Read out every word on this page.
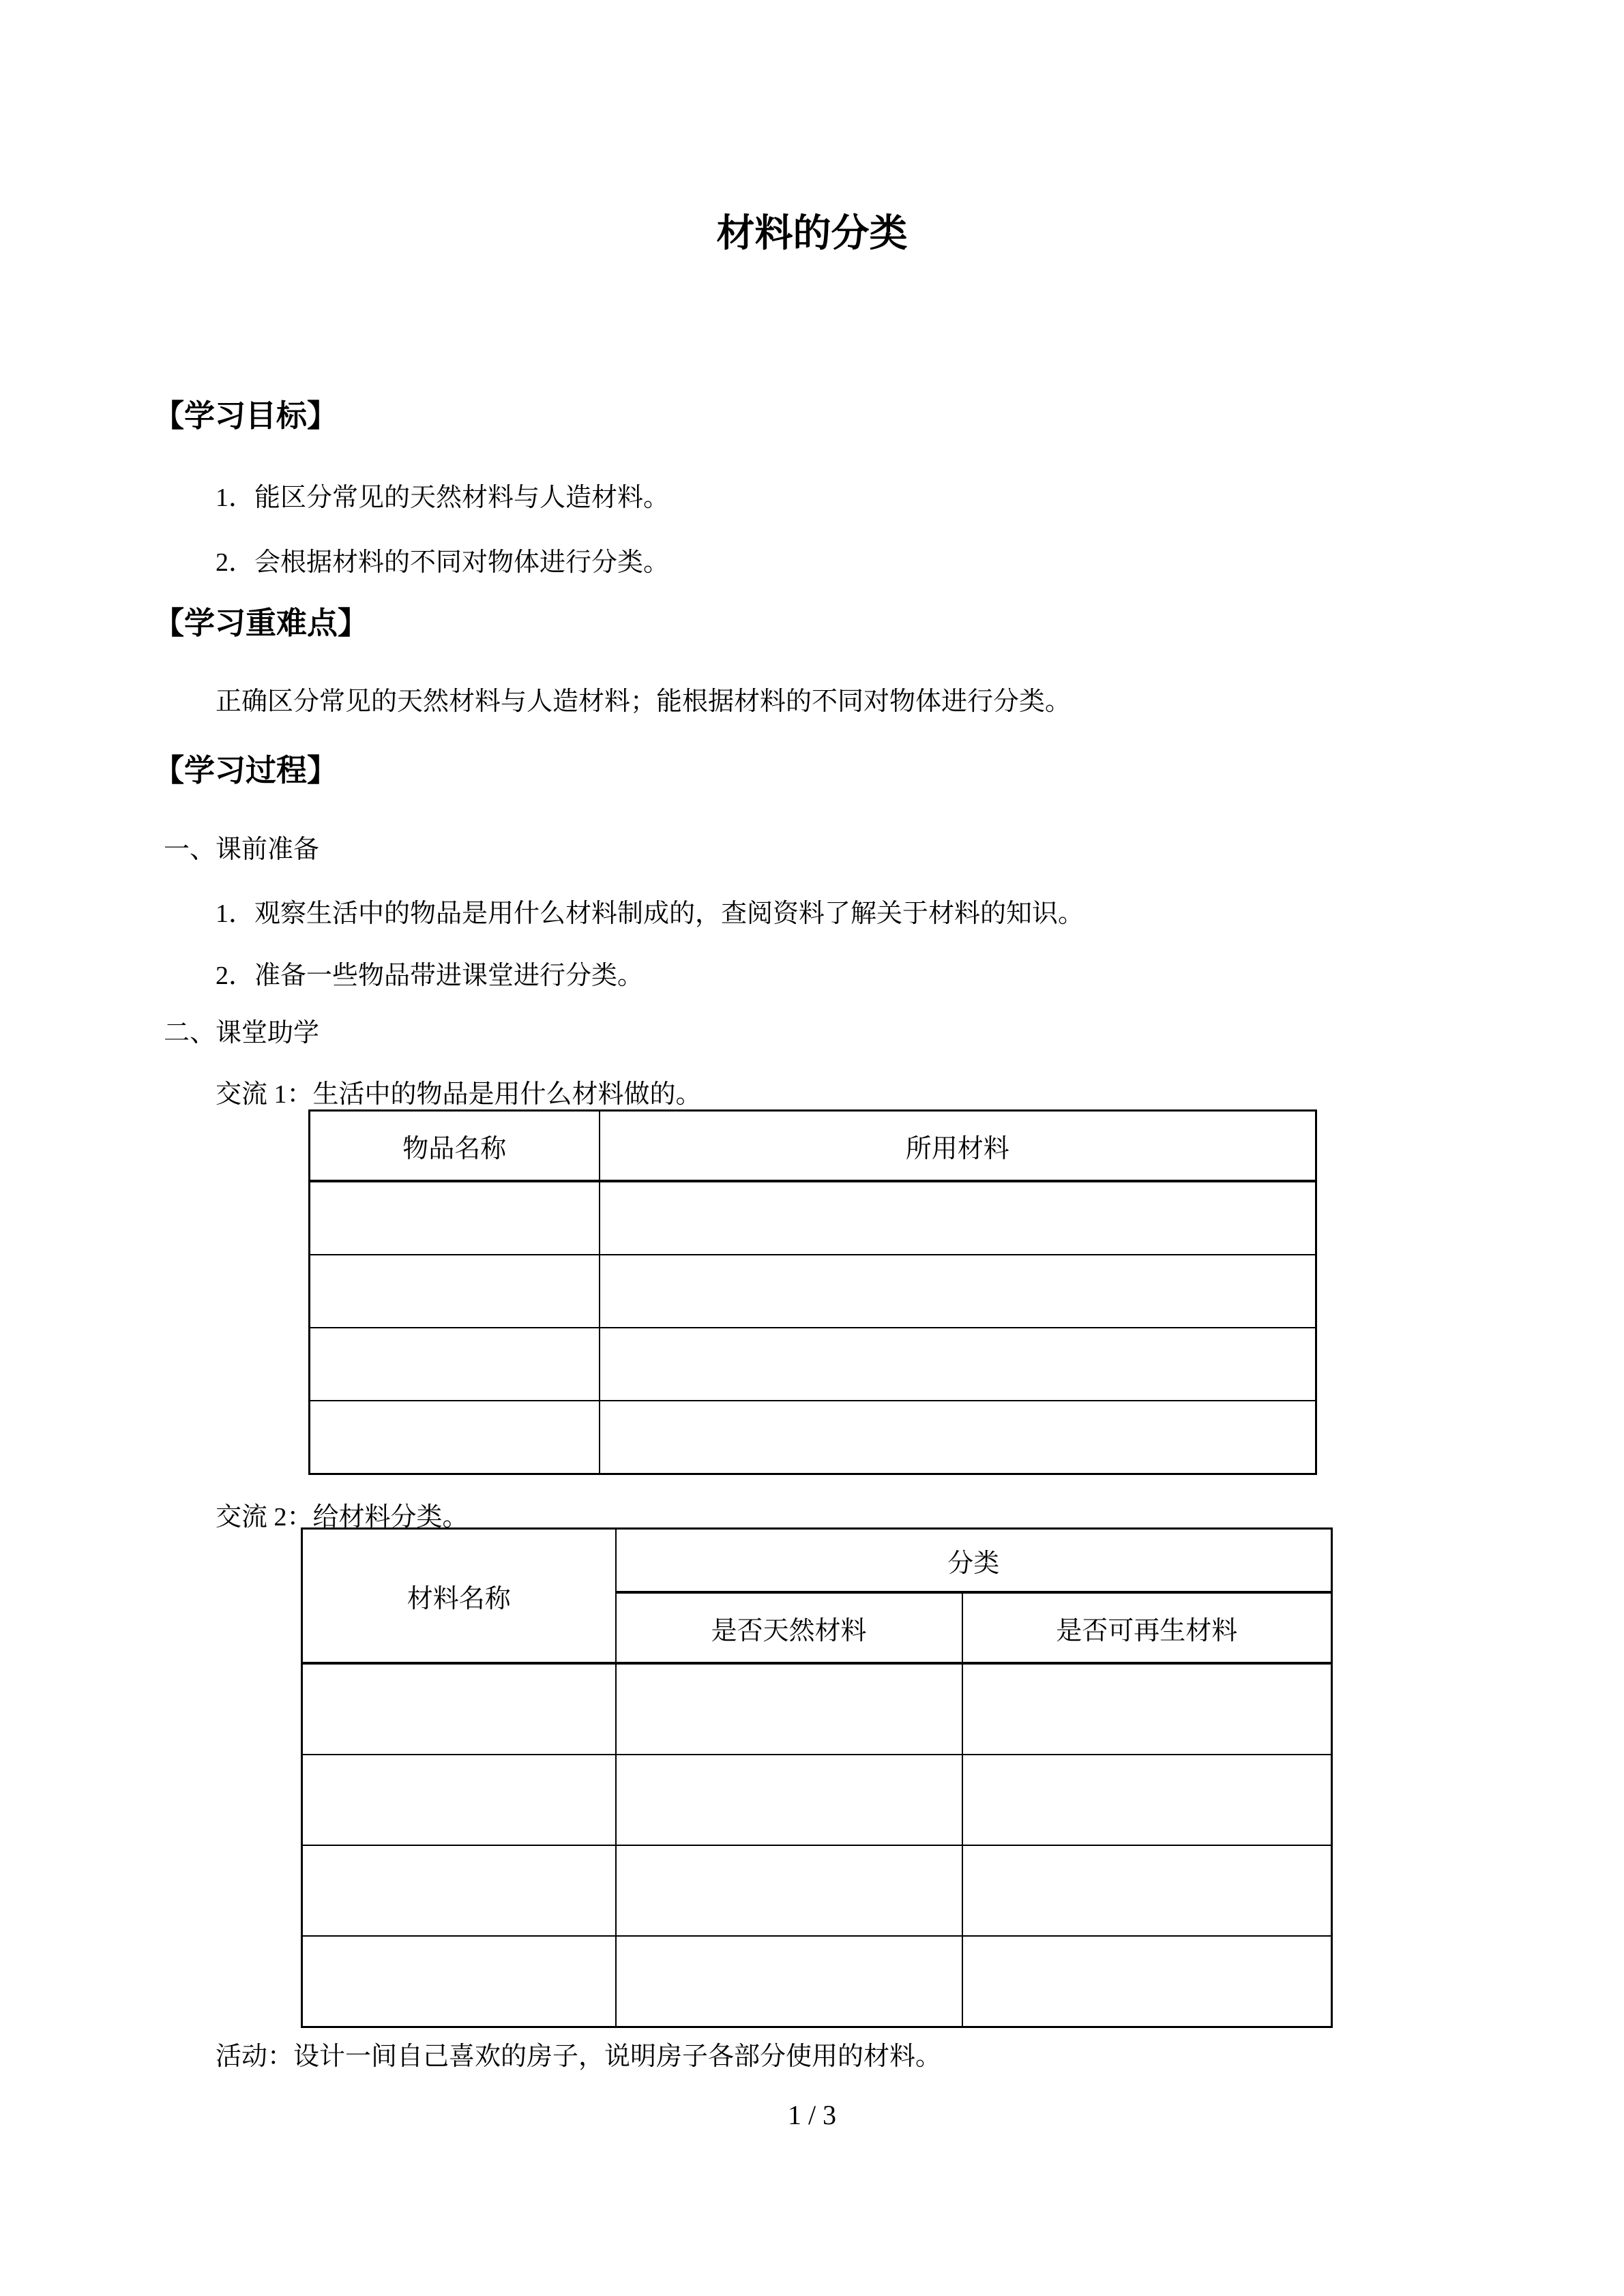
材料的分类
【学习目标】
1．能区分常见的天然材料与人造材料。
2．会根据材料的不同对物体进行分类。
【学习重难点】
正确区分常见的天然材料与人造材料；能根据材料的不同对物体进行分类。
【学习过程】
一、课前准备
1．观察生活中的物品是用什么材料制成的，查阅资料了解关于材料的知识。
2．准备一些物品带进课堂进行分类。
二、课堂助学
交流 1：生活中的物品是用什么材料做的。
物品名称	所用材料

交流 2：给材料分类。
材料名称	分类	
	是否天然材料	是否可再生材料

活动：设计一间自己喜欢的房子，说明房子各部分使用的材料。
1 / 3
